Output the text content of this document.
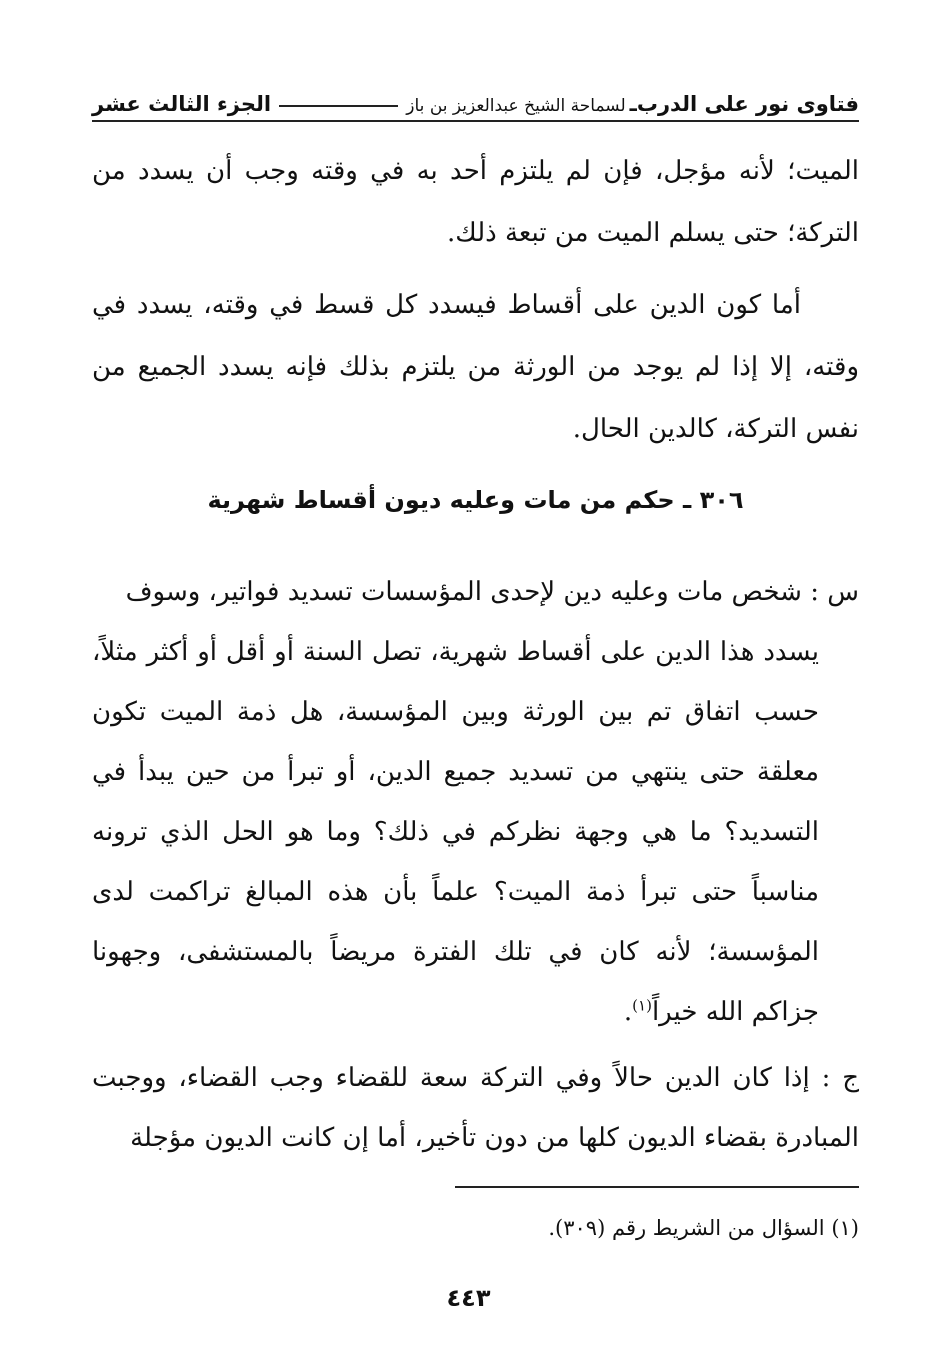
فتاوى نور على الدرب
ـ
لسماحة الشيخ عبدالعزيز بن باز
الجزء الثالث عشر

الميت؛ لأنه مؤجل، فإن لم يلتزم أحد به في وقته وجب أن يسدد من التركة؛ حتى يسلم الميت من تبعة ذلك.

أما كون الدين على أقساط فيسدد كل قسط في وقته، يسدد في وقته، إلا إذا لم يوجد من الورثة من يلتزم بذلك فإنه يسدد الجميع من نفس التركة، كالدين الحال.

٣٠٦ ـ حكم من مات وعليه ديون أقساط شهرية
س : شخص مات وعليه دين لإحدى المؤسسات تسديد فواتير، وسوف
يسدد هذا الدين على أقساط شهرية، تصل السنة أو أقل أو أكثر مثلاً، حسب اتفاق تم بين الورثة وبين المؤسسة، هل ذمة الميت تكون معلقة حتى ينتهي من تسديد جميع الدين، أو تبرأ من حين يبدأ في التسديد؟ ما هي وجهة نظركم في ذلك؟ وما هو الحل الذي ترونه مناسباً حتى تبرأ ذمة الميت؟ علماً بأن هذه المبالغ تراكمت لدى المؤسسة؛ لأنه كان في تلك الفترة مريضاً بالمستشفى، وجهونا جزاكم الله خيراً$^{(١)}$.
ج : إذا كان الدين حالاً وفي التركة سعة للقضاء وجب القضاء، ووجبت المبادرة بقضاء الديون كلها من دون تأخير، أما إن كانت الديون مؤجلة
(١) السؤال من الشريط رقم (٣٠٩).
٤٤٣
